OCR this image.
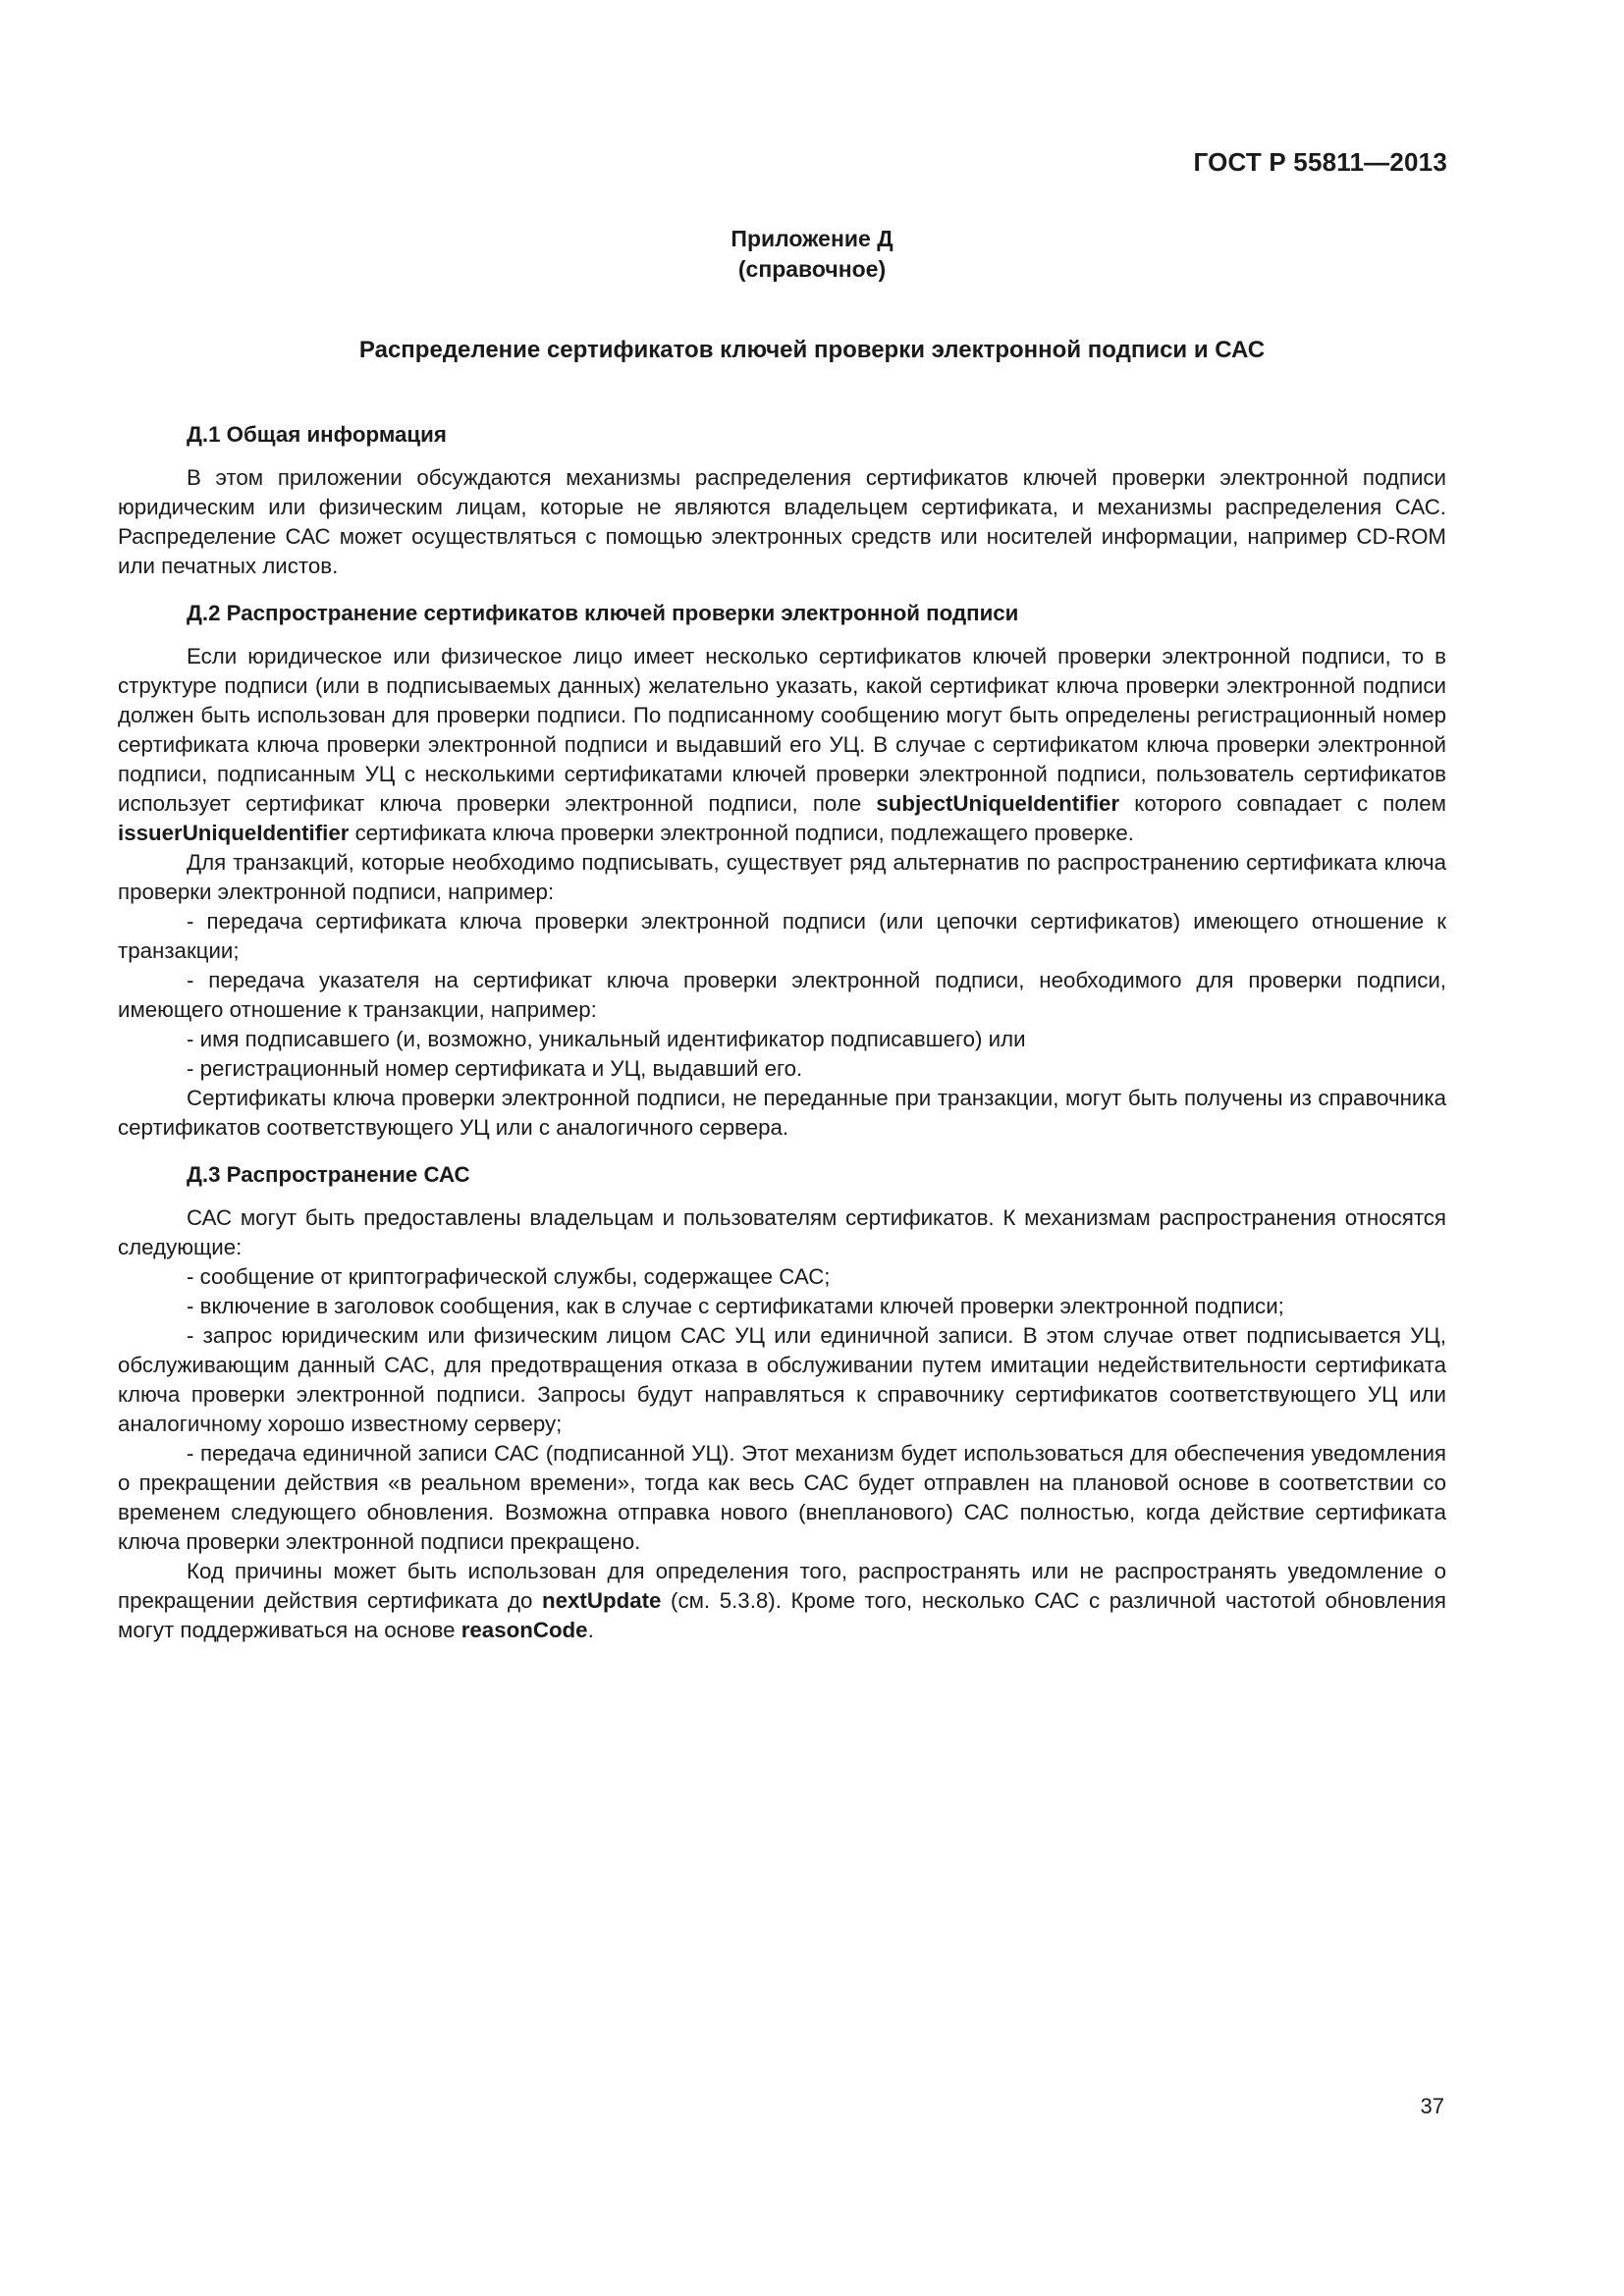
ГОСТ Р 55811—2013
Приложение Д
(справочное)
Распределение сертификатов ключей проверки электронной подписи и САС

Д.1 Общая информация

В этом приложении обсуждаются механизмы распределения сертификатов ключей проверки электронной подписи юридическим или физическим лицам, которые не являются владельцем сертификата, и механизмы распределения САС. Распределение САС может осуществляться с помощью электронных средств или носителей информации, например CD-ROM или печатных листов.

Д.2 Распространение сертификатов ключей проверки электронной подписи

Если юридическое или физическое лицо имеет несколько сертификатов ключей проверки электронной подписи, то в структуре подписи (или в подписываемых данных) желательно указать, какой сертификат ключа проверки электронной подписи должен быть использован для проверки подписи. По подписанному сообщению могут быть определены регистрационный номер сертификата ключа проверки электронной подписи и выдавший его УЦ. В случае с сертификатом ключа проверки электронной подписи, подписанным УЦ с несколькими сертификатами ключей проверки электронной подписи, пользователь сертификатов использует сертификат ключа проверки электронной подписи, поле subjectUniqueIdentifier которого совпадает с полем issuerUniqueIdentifier сертификата ключа проверки электронной подписи, подлежащего проверке.

Для транзакций, которые необходимо подписывать, существует ряд альтернатив по распространению сертификата ключа проверки электронной подписи, например:

- передача сертификата ключа проверки электронной подписи (или цепочки сертификатов) имеющего отношение к транзакции;

- передача указателя на сертификат ключа проверки электронной подписи, необходимого для проверки подписи, имеющего отношение к транзакции, например:

- имя подписавшего (и, возможно, уникальный идентификатор подписавшего) или

- регистрационный номер сертификата и УЦ, выдавший его.

Сертификаты ключа проверки электронной подписи, не переданные при транзакции, могут быть получены из справочника сертификатов соответствующего УЦ или с аналогичного сервера.

Д.3 Распространение САС

САС могут быть предоставлены владельцам и пользователям сертификатов. К механизмам распространения относятся следующие:

- сообщение от криптографической службы, содержащее САС;

- включение в заголовок сообщения, как в случае с сертификатами ключей проверки электронной подписи;

- запрос юридическим или физическим лицом САС УЦ или единичной записи. В этом случае ответ подписывается УЦ, обслуживающим данный САС, для предотвращения отказа в обслуживании путем имитации недействительности сертификата ключа проверки электронной подписи. Запросы будут направляться к справочнику сертификатов соответствующего УЦ или аналогичному хорошо известному серверу;

- передача единичной записи САС (подписанной УЦ). Этот механизм будет использоваться для обеспечения уведомления о прекращении действия «в реальном времени», тогда как весь САС будет отправлен на плановой основе в соответствии со временем следующего обновления. Возможна отправка нового (внепланового) САС полностью, когда действие сертификата ключа проверки электронной подписи прекращено.

Код причины может быть использован для определения того, распространять или не распространять уведомление о прекращении действия сертификата до nextUpdate (см. 5.3.8). Кроме того, несколько САС с различной частотой обновления могут поддерживаться на основе reasonCode.

37
